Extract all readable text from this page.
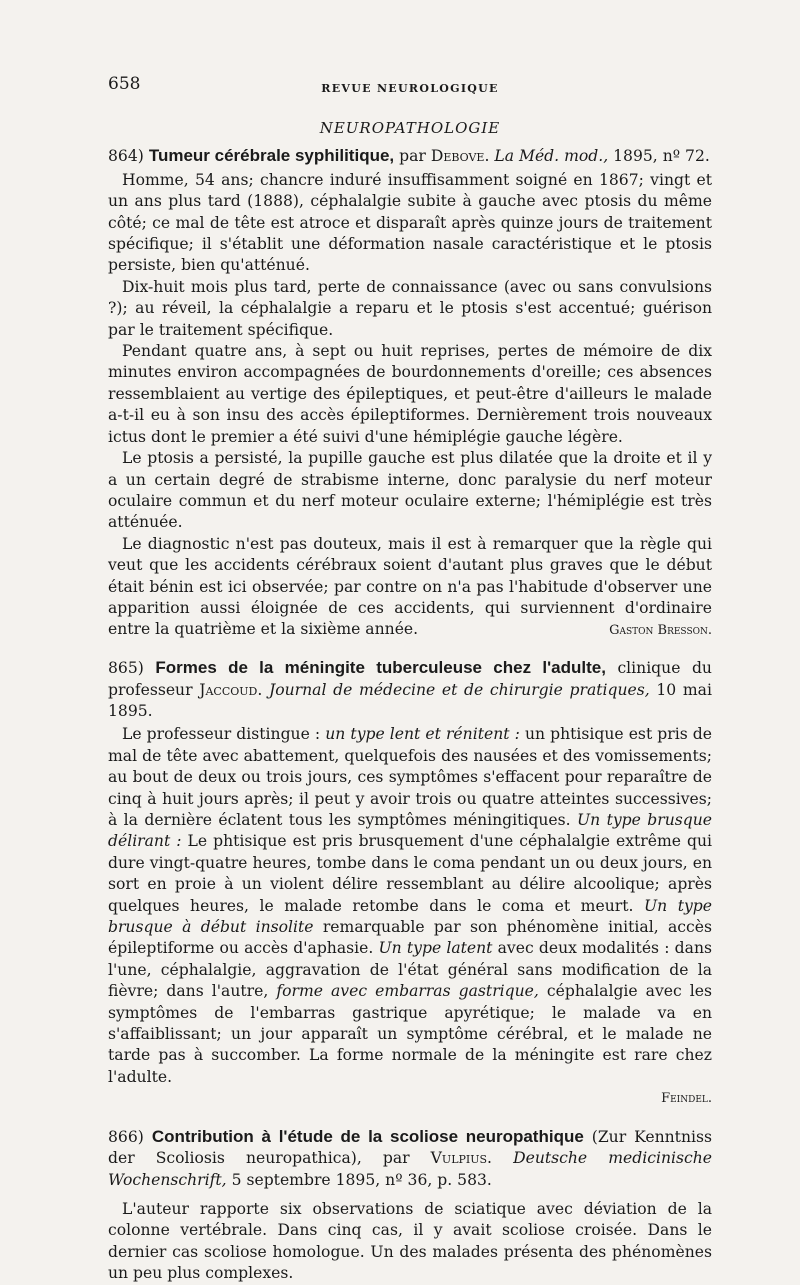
658	REVUE NEUROLOGIQUE
NEUROPATHOLOGIE
864) Tumeur cérébrale syphilitique, par Debove. La Méd. mod., 1895, nº 72.

Homme, 54 ans; chancre induré insuffisamment soigné en 1867; vingt et un ans plus tard (1888), céphalalgie subite à gauche avec ptosis du même côté; ce mal de tête est atroce et disparaît après quinze jours de traitement spécifique; il s'établit une déformation nasale caractéristique et le ptosis persiste, bien qu'atténué.

Dix-huit mois plus tard, perte de connaissance (avec ou sans convulsions ?); au réveil, la céphalalgie a reparu et le ptosis s'est accentué; guérison par le traitement spécifique.

Pendant quatre ans, à sept ou huit reprises, pertes de mémoire de dix minutes environ accompagnées de bourdonnements d'oreille; ces absences ressemblaient au vertige des épileptiques, et peut-être d'ailleurs le malade a-t-il eu à son insu des accès épileptiformes. Dernièrement trois nouveaux ictus dont le premier a été suivi d'une hémiplégie gauche légère.

Le ptosis a persisté, la pupille gauche est plus dilatée que la droite et il y a un certain degré de strabisme interne, donc paralysie du nerf moteur oculaire commun et du nerf moteur oculaire externe; l'hémiplégie est très atténuée.

Le diagnostic n'est pas douteux, mais il est à remarquer que la règle qui veut que les accidents cérébraux soient d'autant plus graves que le début était bénin est ici observée; par contre on n'a pas l'habitude d'observer une apparition aussi éloignée de ces accidents, qui surviennent d'ordinaire entre la quatrième et la sixième année.	Gaston Bresson.
865) Formes de la méningite tuberculeuse chez l'adulte, clinique du professeur Jaccoud. Journal de médecine et de chirurgie pratiques, 10 mai 1895.

Le professeur distingue : un type lent et rénitent : un phtisique est pris de mal de tête avec abattement, quelquefois des nausées et des vomissements; au bout de deux ou trois jours, ces symptômes s'effacent pour reparaître de cinq à huit jours après; il peut y avoir trois ou quatre atteintes successives; à la dernière éclatent tous les symptômes méningitiques. Un type brusque délirant : Le phtisique est pris brusquement d'une céphalalgie extrême qui dure vingt-quatre heures, tombe dans le coma pendant un ou deux jours, en sort en proie à un violent délire ressemblant au délire alcoolique; après quelques heures, le malade retombe dans le coma et meurt. Un type brusque à début insolite remarquable par son phénomène initial, accès épileptiforme ou accès d'aphasie. Un type latent avec deux modalités : dans l'une, céphalalgie, aggravation de l'état général sans modification de la fièvre; dans l'autre, forme avec embarras gastrique, céphalalgie avec les symptômes de l'embarras gastrique apyrétique; le malade va en s'affaiblissant; un jour apparaît un symptôme cérébral, et le malade ne tarde pas à succomber. La forme normale de la méningite est rare chez l'adulte.

Feindel.
866) Contribution à l'étude de la scoliose neuropathique (Zur Kenntniss der Scoliosis neuropathica), par Vulpius. Deutsche medicinische Wochenschrift, 5 septembre 1895, nº 36, p. 583.

L'auteur rapporte six observations de sciatique avec déviation de la colonne vertébrale. Dans cinq cas, il y avait scoliose croisée. Dans le dernier cas scoliose homologue. Un des malades présenta des phénomènes un peu plus complexes.
